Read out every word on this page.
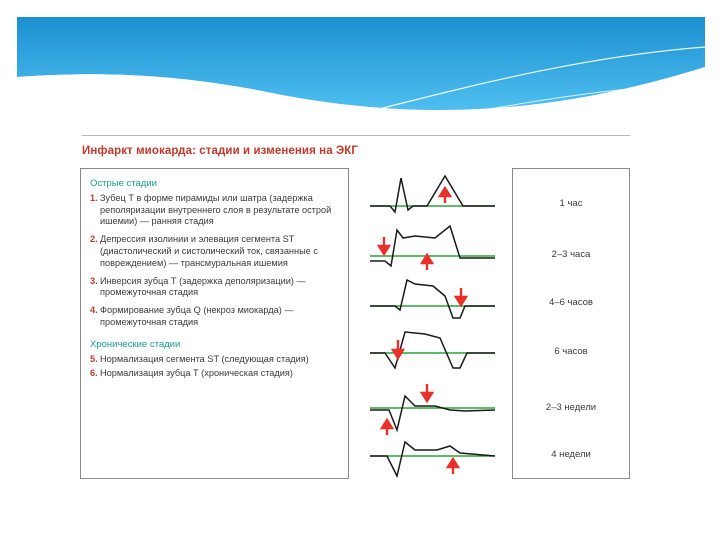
Инфаркт миокарда: стадии и изменения на ЭКГ
Острые стадии
1. Зубец Т в форме пирамиды или шатра (задержка реполяризации внутреннего слоя в результате острой ишемии) — ранняя стадия
2. Депрессия изолинии и элевация сегмента ST (диастолический и систолический ток, связанные с повреждением) — трансмуральная ишемия
3. Инверсия зубца Т (задержка деполяризации) — промежуточная стадия
4. Формирование зубца Q (некроз миокарда) — промежуточная стадия
Хронические стадии
5. Нормализация сегмента ST (следующая стадия)
6. Нормализация зубца Т (хроническая стадия)
1 час
2–3 часа
4–6 часов
6 часов
2–3 недели
4 недели
